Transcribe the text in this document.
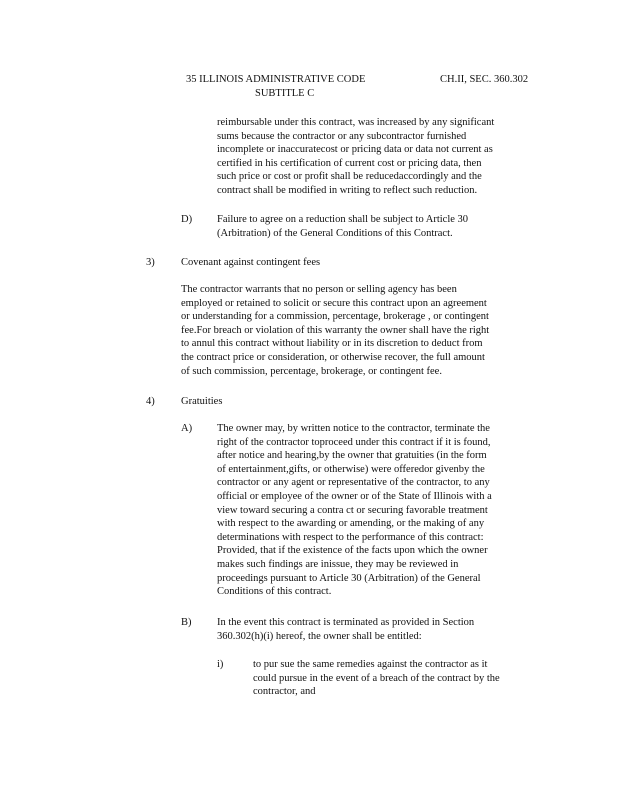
35 ILLINOIS ADMINISTRATIVE CODE	CH.II, SEC. 360.302
SUBTITLE C
reimbursable under this contract, was increased by any significant
sums because the contractor or any subcontractor furnished
incomplete or inaccuratecost or pricing data or data not current as
certified in his certification of current cost or pricing data, then
such price or cost or profit shall be reducedaccordingly and the
contract shall be modified in writing to reflect such reduction.
D) Failure to agree on a reduction shall be subject to Article 30
(Arbitration) of the General Conditions of this Contract.
3)	Covenant against contingent fees
The contractor warrants that no person or selling agency has been
employed or retained to solicit or secure this contract upon an agreement
or understanding for a commission, percentage, brokerage , or contingent
fee.For breach or violation of this warranty the owner shall have the right
to annul this contract without liability or in its discretion to deduct from
the contract price or consideration, or otherwise recover, the full amount
of such commission, percentage, brokerage, or contingent fee.
4)	Gratuities
A) The owner may, by written notice to the contractor, terminate the
right of the contractor toproceed under this contract if it is found,
after notice and hearing,by the owner that gratuities (in the form
of entertainment,gifts, or otherwise) were offeredor givenby the
contractor or any agent or representative of the contractor, to any
official or employee of the owner or of the State of Illinois with a
view toward securing a contra ct or securing favorable treatment
with respect to the awarding or amending, or the making of any
determinations with respect to the performance of this contract:
Provided, that if the existence of the facts upon which the owner
makes such findings are inissue, they may be reviewed in
proceedings pursuant to Article 30 (Arbitration) of the General
Conditions of this contract.
B) In the event this contract is terminated as provided in Section
360.302(h)(i) hereof, the owner shall be entitled:
i)	to pur sue the same remedies against the contractor as it
could pursue in the event of a breach of the contract by the
contractor, and
